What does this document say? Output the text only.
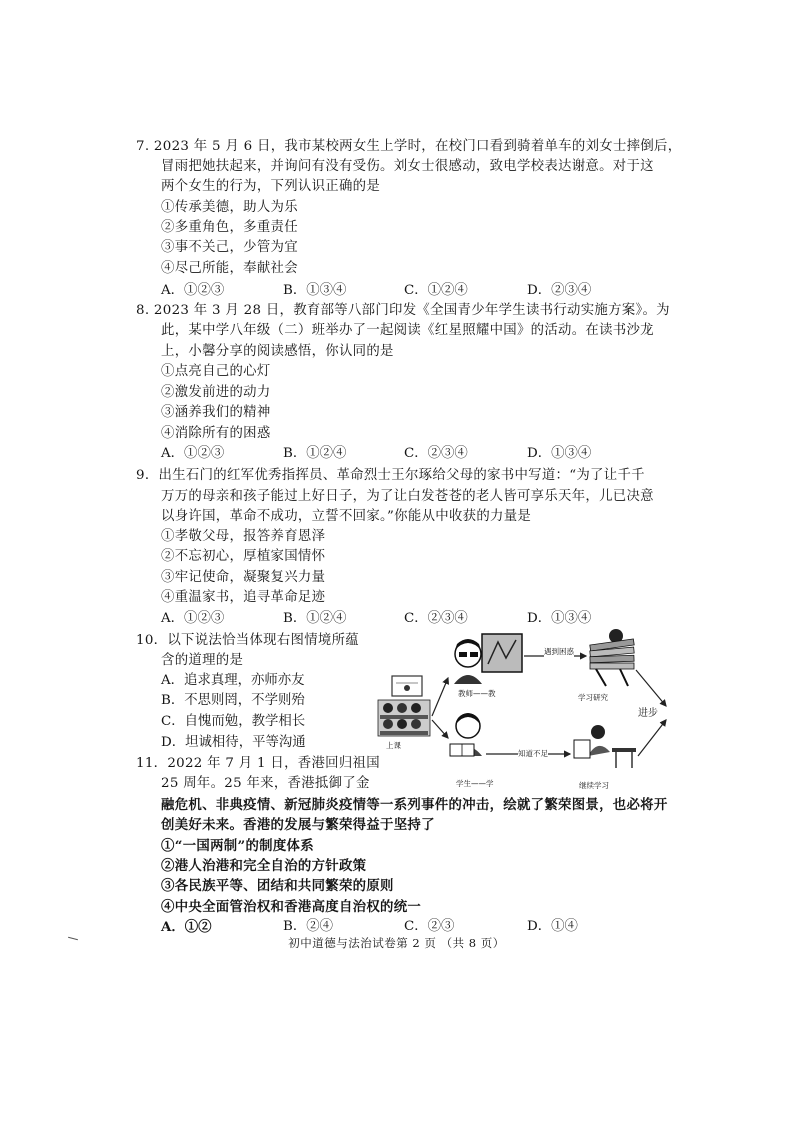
7. 2023 年 5 月 6 日，我市某校两女生上学时，在校门口看到骑着单车的刘女士摔倒后，
冒雨把她扶起来，并询问有没有受伤。刘女士很感动，致电学校表达谢意。对于这
两个女生的行为，下列认识正确的是
①传承美德，助人为乐
②多重角色，多重责任
③事不关己，少管为宜
④尽己所能，奉献社会
A．①②③	B．①③④	C．①②④	D．②③④
8. 2023 年 3 月 28 日，教育部等八部门印发《全国青少年学生读书行动实施方案》。为
此，某中学八年级（二）班举办了一起阅读《红星照耀中国》的活动。在读书沙龙
上，小馨分享的阅读感悟，你认同的是
①点亮自己的心灯
②激发前进的动力
③涵养我们的精神
④消除所有的困惑
A．①②③	B．①②④	C．②③④	D．①③④
9．出生石门的红军优秀指挥员、革命烈士王尔琢给父母的家书中写道：“为了让千千
万万的母亲和孩子能过上好日子，为了让白发苍苍的老人皆可享乐天年，儿已决意
以身许国，革命不成功，立誓不回家。”你能从中收获的力量是
①孝敬父母，报答养育恩泽
②不忘初心，厚植家国情怀
③牢记使命，凝聚复兴力量
④重温家书，追寻革命足迹
A．①②③	B．①②④	C．②③④	D．①③④
10．以下说法恰当体现右图情境所蕴
含的道理的是
A．追求真理，亦师亦友
B．不思则罔，不学则殆
C．自愧而勉，教学相长
D．坦诚相待，平等沟通	上课
教师——教
学生——学
遇到困惑
知道不足
学习研究
继续学习
进步
11．2022 年 7 月 1 日，香港回归祖国
25 周年。25 年来，香港抵御了金
融危机、非典疫情、新冠肺炎疫情等一系列事件的冲击，绘就了繁荣图景，也必将开
创美好未来。香港的发展与繁荣得益于坚持了
①“一国两制”的制度体系
②港人治港和完全自治的方针政策
③各民族平等、团结和共同繁荣的原则
④中央全面管治权和香港高度自治权的统一
A．①②	B．②④	C．②③	D．①④
初中道德与法治试卷第 2 页 （共 8 页）
